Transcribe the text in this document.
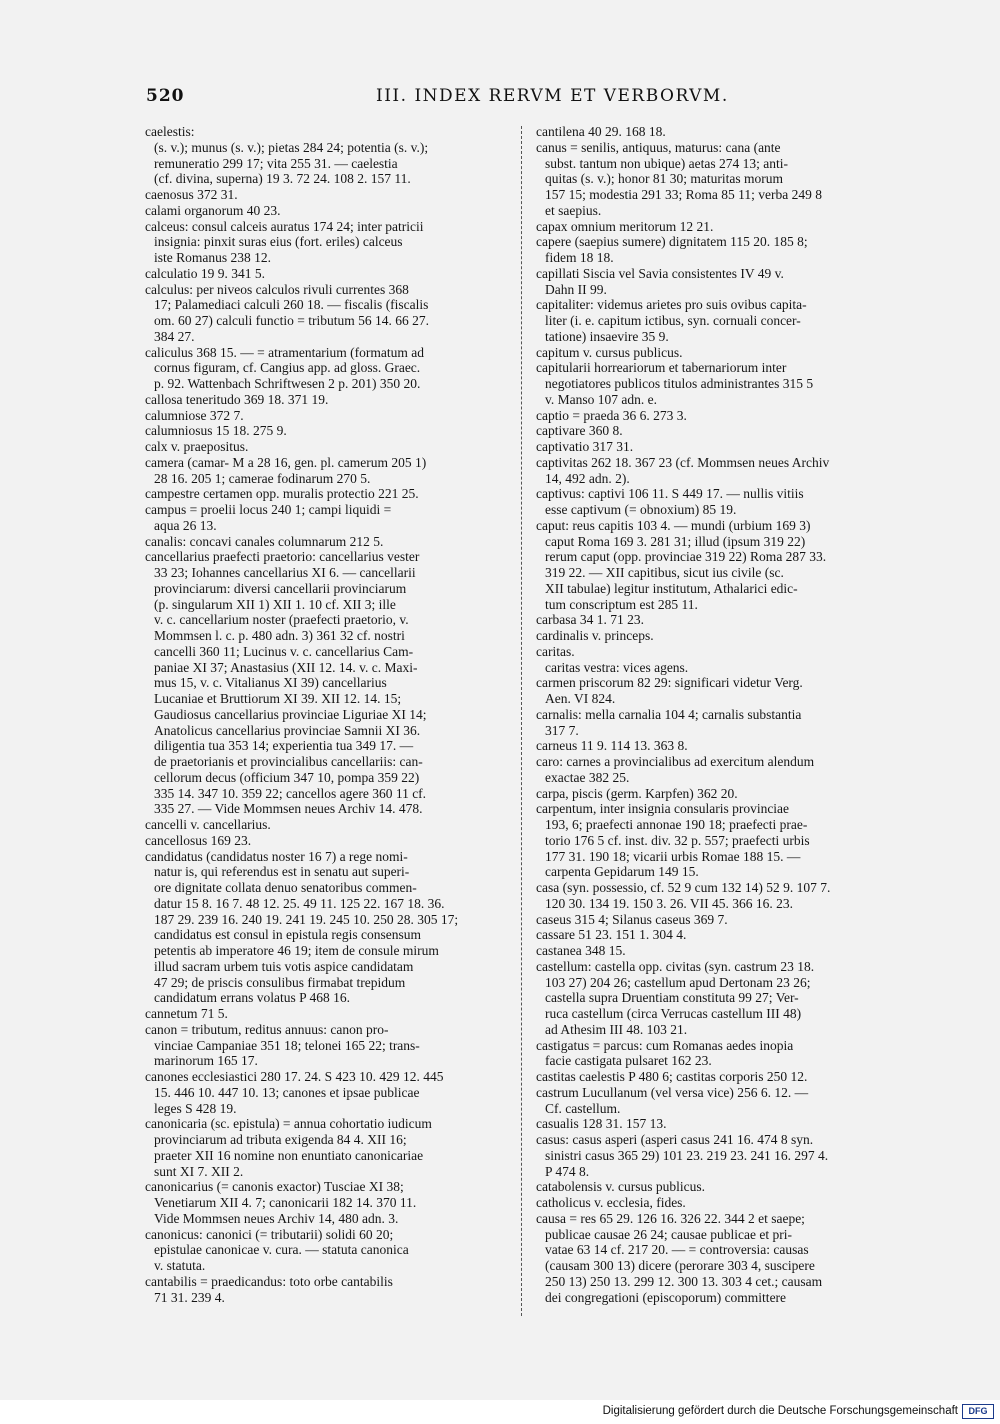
520	III. INDEX RERVM ET VERBORVM.
caelestis:
(s. v.); munus (s. v.); pietas 284 24; potentia (s. v.);
remuneratio 299 17; vita 255 31. — caelestia
(cf. divina, superna) 19 3. 72 24. 108 2. 157 11.
caenosus 372 31.
calami organorum 40 23.
calceus: consul calceis auratus 174 24; inter patricii
insignia: pinxit suras eius (fort. eriles) calceus
iste Romanus 238 12.
calculatio 19 9. 341 5.
calculus: per niveos calculos rivuli currentes 368
17; Palamediaci calculi 260 18. — fiscalis (fiscalis
om. 60 27) calculi functio = tributum 56 14. 66 27.
384 27.
caliculus 368 15. — = atramentarium (formatum ad
cornus figuram, cf. Cangius app. ad gloss. Graec.
p. 92. Wattenbach Schriftwesen 2 p. 201) 350 20.
callosa teneritudo 369 18. 371 19.
calumniose 372 7.
calumniosus 15 18. 275 9.
calx v. praepositus.
camera (camar- M a 28 16, gen. pl. camerum 205 1)
28 16. 205 1; camerae fodinarum 270 5.
campestre certamen opp. muralis protectio 221 25.
campus = proelii locus 240 1; campi liquidi =
aqua 26 13.
canalis: concavi canales columnarum 212 5.
cancellarius praefecti praetorio: cancellarius vester
33 23; Iohannes cancellarius XI 6. — cancellarii
provinciarum: diversi cancellarii provinciarum
(p. singularum XII 1) XII 1. 10 cf. XII 3; ille
v. c. cancellarium noster (praefecti praetorio, v.
Mommsen l. c. p. 480 adn. 3) 361 32 cf. nostri
cancelli 360 11; Lucinus v. c. cancellarius Cam-
paniae XI 37; Anastasius (XII 12. 14. v. c. Maxi-
mus 15, v. c. Vitalianus XI 39) cancellarius
Lucaniae et Bruttiorum XI 39. XII 12. 14. 15;
Gaudiosus cancellarius provinciae Liguriae XI 14;
Anatolicus cancellarius provinciae Samnii XI 36.
diligentia tua 353 14; experientia tua 349 17. —
de praetorianis et provincialibus cancellariis: can-
cellorum decus (officium 347 10, pompa 359 22)
335 14. 347 10. 359 22; cancellos agere 360 11 cf.
335 27. — Vide Mommsen neues Archiv 14. 478.
cancelli v. cancellarius.
cancellosus 169 23.
candidatus (candidatus noster 16 7) a rege nomi-
natur is, qui referendus est in senatu aut superi-
ore dignitate collata denuo senatoribus commen-
datur 15 8. 16 7. 48 12. 25. 49 11. 125 22. 167 18. 36.
187 29. 239 16. 240 19. 241 19. 245 10. 250 28. 305 17;
candidatus est consul in epistula regis consensum
petentis ab imperatore 46 19; item de consule mirum
illud sacram urbem tuis votis aspice candidatam
47 29; de priscis consulibus firmabat trepidum
candidatum errans volatus P 468 16.
cannetum 71 5.
canon = tributum, reditus annuus: canon pro-
vinciae Campaniae 351 18; telonei 165 22; trans-
marinorum 165 17.
canones ecclesiastici 280 17. 24. S 423 10. 429 12. 445
15. 446 10. 447 10. 13; canones et ipsae publicae
leges S 428 19.
canonicaria (sc. epistula) = annua cohortatio iudicum
provinciarum ad tributa exigenda 84 4. XII 16;
praeter XII 16 nomine non enuntiato canonicariae
sunt XI 7. XII 2.
canonicarius (= canonis exactor) Tusciae XI 38;
Venetiarum XII 4. 7; canonicarii 182 14. 370 11.
Vide Mommsen neues Archiv 14, 480 adn. 3.
canonicus: canonici (= tributarii) solidi 60 20;
epistulae canonicae v. cura. — statuta canonica
v. statuta.
cantabilis = praedicandus: toto orbe cantabilis
71 31. 239 4.
cantilena 40 29. 168 18.
canus = senilis, antiquus, maturus: cana (ante
subst. tantum non ubique) aetas 274 13; anti-
quitas (s. v.); honor 81 30; maturitas morum
157 15; modestia 291 33; Roma 85 11; verba 249 8
et saepius.
capax omnium meritorum 12 21.
capere (saepius sumere) dignitatem 115 20. 185 8;
fidem 18 18.
capillati Siscia vel Savia consistentes IV 49 v.
Dahn II 99.
capitaliter: videmus arietes pro suis ovibus capita-
liter (i. e. capitum ictibus, syn. cornuali concer-
tatione) insaevire 35 9.
capitum v. cursus publicus.
capitularii horreariorum et tabernariorum inter
negotiatores publicos titulos administrantes 315 5
v. Manso 107 adn. e.
captio = praeda 36 6. 273 3.
captivare 360 8.
captivatio 317 31.
captivitas 262 18. 367 23 (cf. Mommsen neues Archiv
14, 492 adn. 2).
captivus: captivi 106 11. S 449 17. — nullis vitiis
esse captivum (= obnoxium) 85 19.
caput: reus capitis 103 4. — mundi (urbium 169 3)
caput Roma 169 3. 281 31; illud (ipsum 319 22)
rerum caput (opp. provinciae 319 22) Roma 287 33.
319 22. — XII capitibus, sicut ius civile (sc.
XII tabulae) legitur institutum, Athalarici edic-
tum conscriptum est 285 11.
carbasa 34 1. 71 23.
cardinalis v. princeps.
caritas.
caritas vestra: vices agens.
carmen priscorum 82 29: significari videtur Verg.
Aen. VI 824.
carnalis: mella carnalia 104 4; carnalis substantia
317 7.
carneus 11 9. 114 13. 363 8.
caro: carnes a provincialibus ad exercitum alendum
exactae 382 25.
carpa, piscis (germ. Karpfen) 362 20.
carpentum, inter insignia consularis provinciae
193, 6; praefecti annonae 190 18; praefecti prae-
torio 176 5 cf. inst. div. 32 p. 557; praefecti urbis
177 31. 190 18; vicarii urbis Romae 188 15. —
carpenta Gepidarum 149 15.
casa (syn. possessio, cf. 52 9 cum 132 14) 52 9. 107 7.
120 30. 134 19. 150 3. 26. VII 45. 366 16. 23.
caseus 315 4; Silanus caseus 369 7.
cassare 51 23. 151 1. 304 4.
castanea 348 15.
castellum: castella opp. civitas (syn. castrum 23 18.
103 27) 204 26; castellum apud Dertonam 23 26;
castella supra Druentiam constituta 99 27; Ver-
ruca castellum (circa Verrucas castellum III 48)
ad Athesim III 48. 103 21.
castigatus = parcus: cum Romanas aedes inopia
facie castigata pulsaret 162 23.
castitas caelestis P 480 6; castitas corporis 250 12.
castrum Lucullanum (vel versa vice) 256 6. 12. —
Cf. castellum.
casualis 128 31. 157 13.
casus: casus asperi (asperi casus 241 16. 474 8 syn.
sinistri casus 365 29) 101 23. 219 23. 241 16. 297 4.
P 474 8.
catabolensis v. cursus publicus.
catholicus v. ecclesia, fides.
causa = res 65 29. 126 16. 326 22. 344 2 et saepe;
publicae causae 26 24; causae publicae et pri-
vatae 63 14 cf. 217 20. — = controversia: causas
(causam 300 13) dicere (perorare 303 4, suscipere
250 13) 250 13. 299 12. 300 13. 303 4 cet.; causam
dei congregationi (episcoporum) committere
Digitalisierung gefördert durch die Deutsche Forschungsgemeinschaft	DFG
